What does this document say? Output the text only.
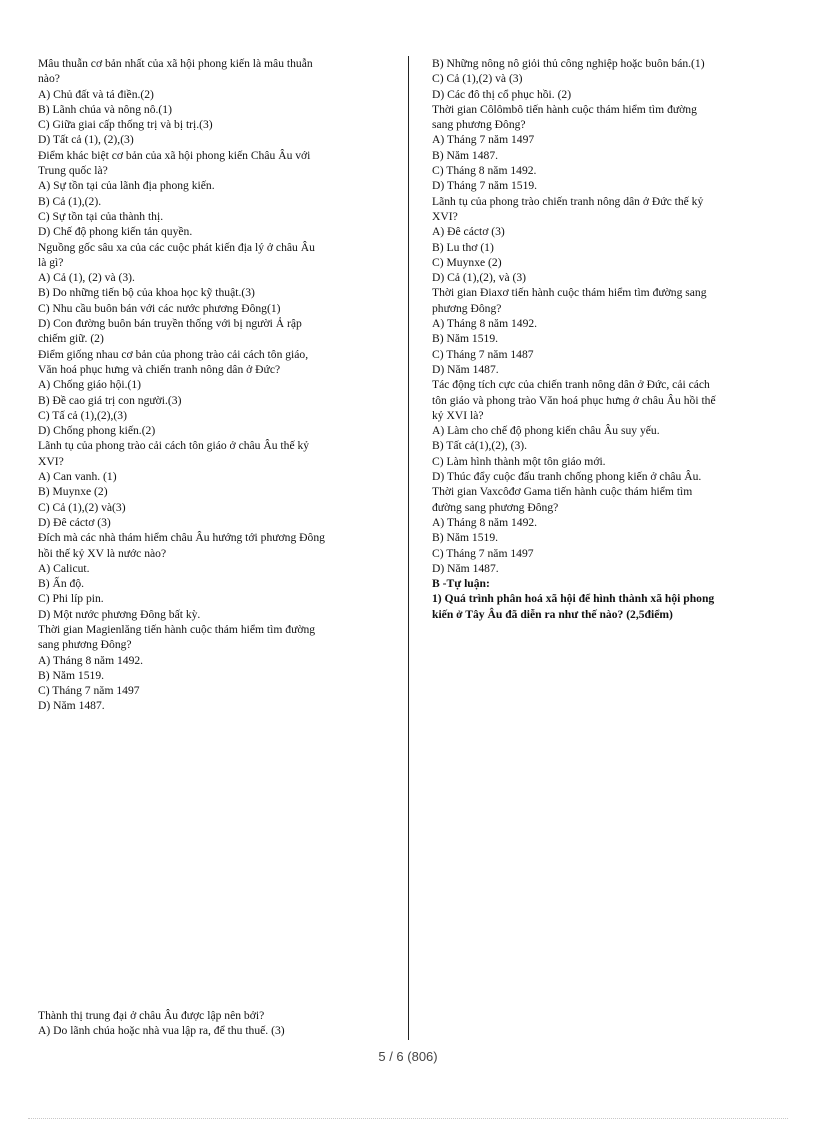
Mâu thuẫn cơ bản nhất của xã hội phong kiến là mâu thuẫn

nào?

A) Chủ đất và tá điền.(2)

B) Lãnh chúa và nông nô.(1)

C) Giữa giai cấp thống trị và bị trị.(3)

D) Tất cả (1), (2),(3)

Điểm khác biệt cơ bản của xã hội phong kiến Châu Âu với

Trung quốc là?

A) Sự tồn tại của lãnh địa phong kiến.

B) Cả (1),(2).

C) Sự tồn tại của thành thị.

D) Chế độ phong kiến tản quyền.

Nguồng gốc sâu xa của các cuộc phát kiến địa lý ở châu Âu

là gì?

A) Cả (1), (2) và (3).

B) Do những tiến bộ của khoa học kỹ thuật.(3)

C) Nhu cầu buôn bán với các nước phương Đông(1)

D) Con đường buôn bán truyền thống với bị người Ả rập

chiếm giữ. (2)

Điểm giống nhau cơ bản của phong trào cải cách tôn giáo,

Văn hoá phục hưng và chiến tranh nông dân ở Đức?

A) Chống giáo hội.(1)

B) Đề cao giá trị con người.(3)

C) Tấ cả (1),(2),(3)

D) Chống phong kiến.(2)

Lãnh tụ của phong trào cải cách tôn giáo ở châu Âu thế kỷ

XVI?

A) Can vanh. (1)

B) Muynxe (2)

C) Cả (1),(2) và(3)

D) Đê cáctơ (3)

Đích mà các nhà thám hiểm châu Âu hướng tới phương Đông

hồi thế kỷ XV là nước nào?

A) Calicut.

B) Ấn độ.

C) Phi líp pin.

D) Một nước phương Đông bất kỳ.

Thời gian Magienlăng tiến hành cuộc thám hiểm tìm đường

sang phương Đông?

A) Tháng 8 năm 1492.

B) Năm 1519.

C) Tháng 7 năm 1497

D) Năm 1487.

B) Những nông nô giỏi thủ công nghiệp hoặc buôn bán.(1)

C) Cả (1),(2) và (3)

D) Các đô thị cổ phục hồi. (2)

Thời gian Côlômbô tiến hành cuộc thám hiểm tìm đường

sang phương Đông?

A) Tháng 7 năm 1497

B) Năm 1487.

C) Tháng 8 năm 1492.

D) Tháng 7 năm 1519.

Lãnh tụ của phong trào chiến tranh nông dân ở Đức thế kỷ

XVI?

A) Đê cáctơ (3)

B) Lu thơ (1)

C) Muynxe (2)

D) Cả (1),(2), và (3)

Thời gian Điaxơ tiến hành cuộc thám hiểm tìm đường sang

phương Đông?

A) Tháng 8 năm 1492.

B) Năm 1519.

C) Tháng 7 năm 1487

D) Năm 1487.

Tác động tích cực của chiến tranh nông dân ở Đức, cải cách

tôn giáo và phong trào Văn hoá phục hưng ở châu Âu hồi thế

kỷ XVI là?

A) Làm cho chế độ phong kiến châu Âu suy yếu.

B) Tất cả(1),(2), (3).

C) Làm hình thành một tôn giáo mới.

D) Thúc đẩy cuộc đấu tranh chống phong kiến ở châu Âu.

Thời gian Vaxcôđơ Gama tiến hành cuộc thám hiểm tìm

đường sang phương Đông?

A) Tháng 8 năm 1492.

B) Năm 1519.

C) Tháng 7 năm 1497

D) Năm 1487.

B -Tự luận:

1) Quá trình phân hoá xã hội để hình thành xã hội phong

kiến ở Tây Âu đã diễn ra như thế nào? (2,5điểm)

Thành thị trung đại ở châu Âu được lập nên bởi?

A) Do lãnh chúa hoặc nhà vua lập ra, để thu thuế. (3)

5 / 6 (806)
